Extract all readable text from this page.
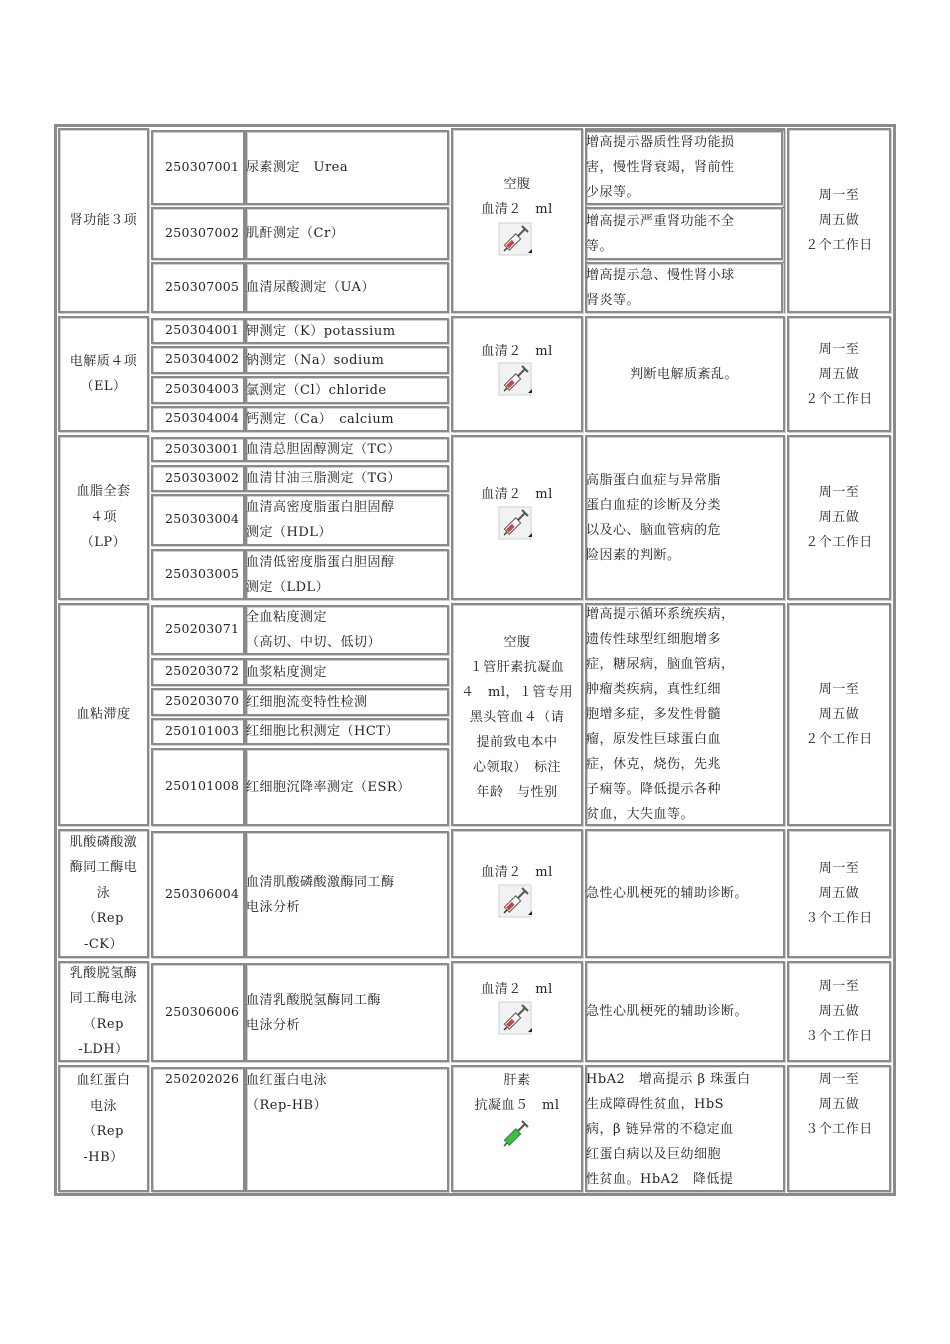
肾功能３项
250307001 尿素测定　Urea
250307002 肌酐测定（Cr）
250307005 血清尿酸测定（UA）
空腹
血清２　ml
增高提示器质性肾功能损
害，慢性肾衰竭，肾前性
少尿等。
增高提示严重肾功能不全
等。
增高提示急、慢性肾小球
肾炎等。
周一至
周五做
２个工作日
电解质４项
（EL）
250304001 钾测定（K）potassium
250304002 钠测定（Na）sodium
250304003 氯测定（Cl）chloride
250304004 钙测定（Ca）　calcium
血清２　ml
判断电解质紊乱。
周一至
周五做
２个工作日
血脂全套
４项
（LP）
250303001 血清总胆固醇测定（TC）
250303002 血清甘油三脂测定（TG）
250303004
血清高密度脂蛋白胆固醇
测定（HDL）
250303005
血清低密度脂蛋白胆固醇
测定（LDL）
血清２　ml
高脂蛋白血症与异常脂
蛋白血症的诊断及分类
以及心、脑血管病的危
险因素的判断。
周一至
周五做
２个工作日
血粘滞度
250203071
全血粘度测定
（高切、中切、低切）
250203072 血浆粘度测定
250203070 红细胞流变特性检测
250101003 红细胞比积测定（HCT）
250101008 红细胞沉降率测定（ESR）
空腹
１管肝素抗凝血
４　ml，１管专用
黑头管血４（请
提前致电本中
心领取）　标注
年龄　与性别
增高提示循环系统疾病，
遗传性球型红细胞增多
症，糖尿病，脑血管病，
肿瘤类疾病，真性红细
胞增多症，多发性骨髓
瘤，原发性巨球蛋白血
症，休克，烧伤，先兆
子痫等。降低提示各种
贫血，大失血等。
周一至
周五做
２个工作日
肌酸磷酸激
酶同工酶电
泳
（Rep
-CK）
250306004
血清肌酸磷酸激酶同工酶
电泳分析
血清２　ml
急性心肌梗死的辅助诊断。
周一至
周五做
３个工作日
乳酸脱氢酶
同工酶电泳
（Rep
-LDH）
250306006
血清乳酸脱氢酶同工酶
电泳分析
血清２　ml
急性心肌梗死的辅助诊断。
周一至
周五做
３个工作日
血红蛋白
电泳
（Rep
-HB）
250202026 血红蛋白电泳
（Rep-HB）
肝素
抗凝血５　ml
HbA2　增高提示 β 珠蛋白
生成障碍性贫血，HbS
病，β 链异常的不稳定血
红蛋白病以及巨幼细胞
性贫血。HbA2　降低提
周一至
周五做
３个工作日
